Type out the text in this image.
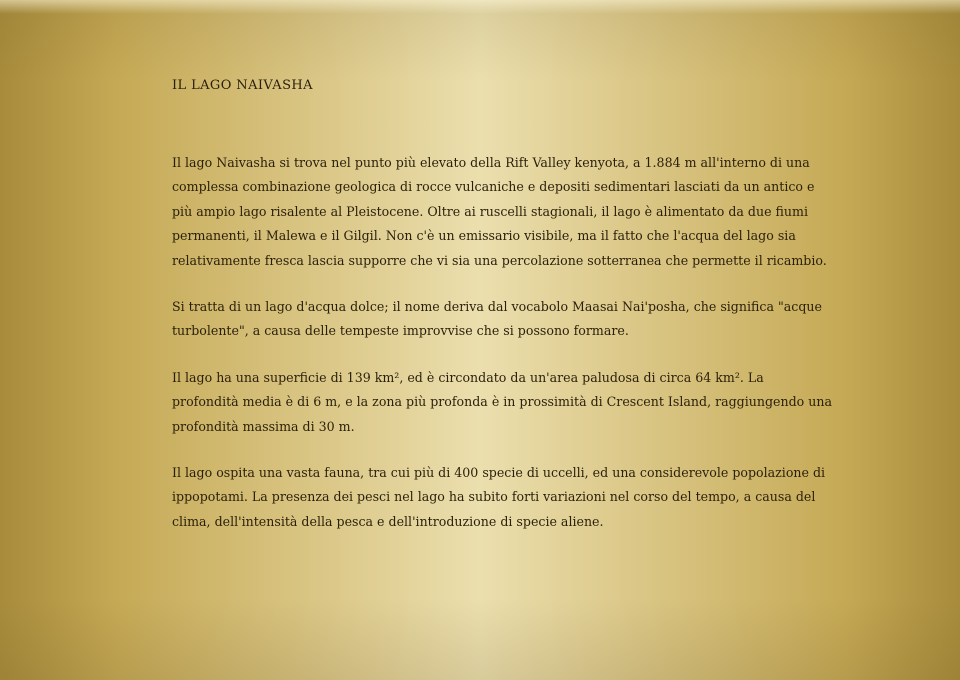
IL LAGO NAIVASHA

Il lago Naivasha si trova nel punto più elevato della Rift Valley kenyota, a 1.884 m all'interno di una complessa combinazione geologica di rocce vulcaniche e depositi sedimentari lasciati da un antico e più ampio lago risalente al Pleistocene. Oltre ai ruscelli stagionali, il lago è alimentato da due fiumi permanenti, il Malewa e il Gilgil. Non c'è un emissario visibile, ma il fatto che l'acqua del lago sia relativamente fresca lascia supporre che vi sia una percolazione sotterranea che permette il ricambio.

Si tratta di un lago d'acqua dolce; il nome deriva dal vocabolo Maasai Nai'posha, che significa "acque turbolente", a causa delle tempeste improvvise che si possono formare.

Il lago ha una superficie di 139 km², ed è circondato da un'area paludosa di circa 64 km². La profondità media è di 6 m, e la zona più profonda è in prossimità di Crescent Island, raggiungendo una profondità massima di 30 m.

Il lago ospita una vasta fauna, tra cui più di 400 specie di uccelli, ed una considerevole popolazione di ippopotami. La presenza dei pesci nel lago ha subito forti variazioni nel corso del tempo, a causa del clima, dell'intensità della pesca e dell'introduzione di specie aliene.
